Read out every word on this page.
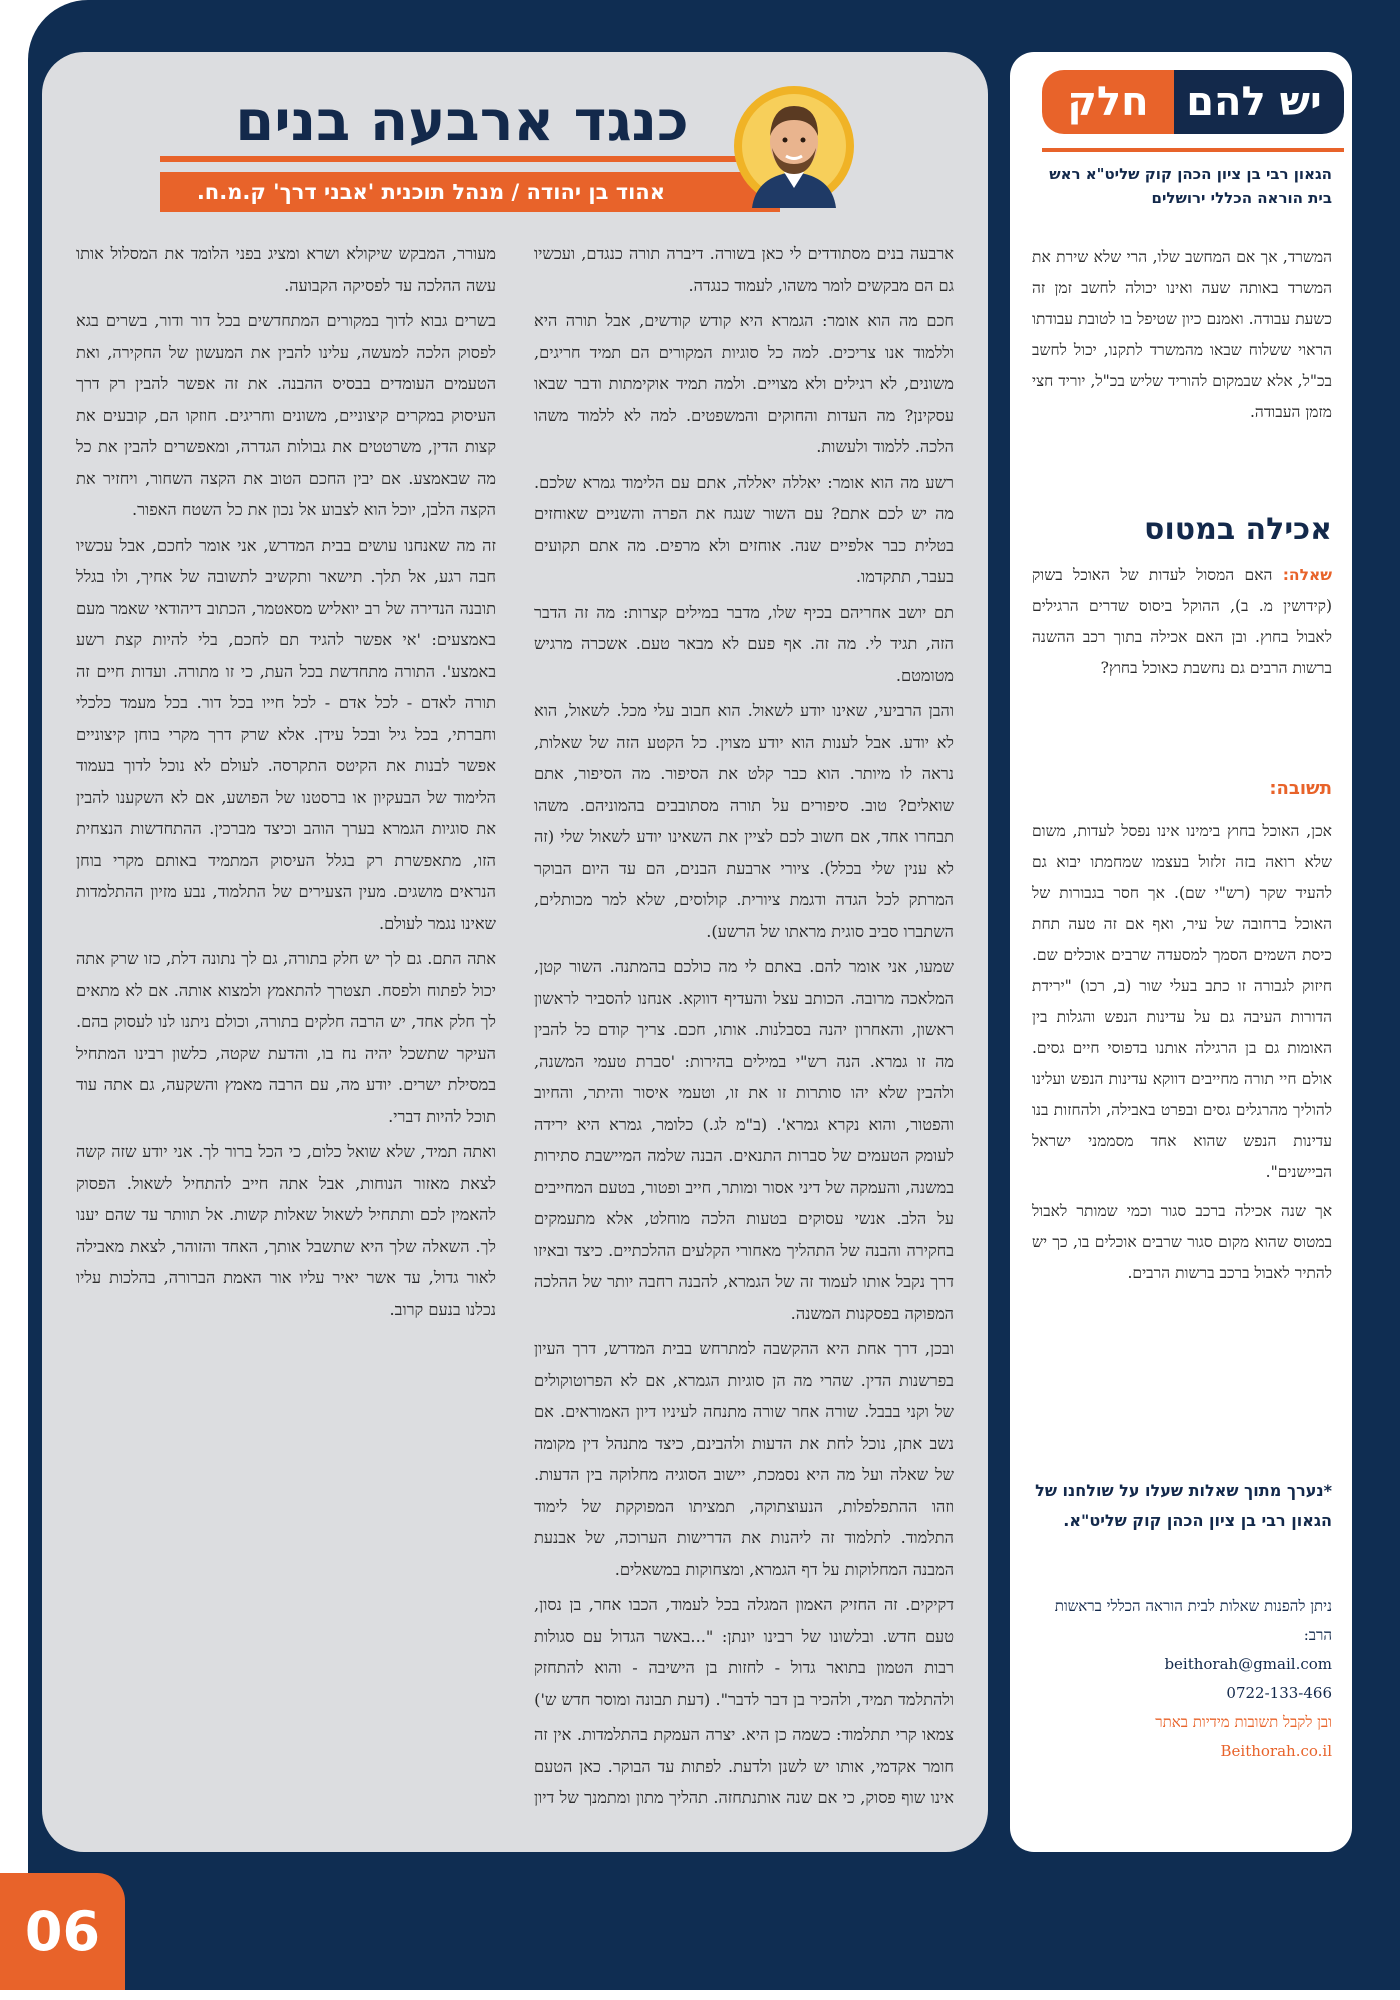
כנגד ארבעה בנים
אהוד בן יהודה / מנהל תוכנית 'אבני דרך' ק.מ.ח.

ארבעה בנים מסתודדים לי כאן בשורה. דיברה תורה כנגדם, ועכשיו גם הם מבקשים לומר משהו, לעמוד כנגדה.

חכם מה הוא אומר: הגמרא היא קודש קודשים, אבל תורה היא וללמוד אנו צריכים. למה כל סוגיות המקורים הם תמיד חריגים, משונים, לא רגילים ולא מצויים. ולמה תמיד אוקימתות ודבר שבאו עסקינן? מה העדות והחוקים והמשפטים. למה לא ללמוד משהו הלכה. ללמוד ולעשות.

רשע מה הוא אומר: יאללה יאללה, אתם עם הלימוד גמרא שלכם. מה יש לכם אתם? עם השור שנגח את הפרה והשניים שאוחזים בטלית כבר אלפיים שנה. אוחזים ולא מרפים. מה אתם תקועים בעבר, תתקדמו.

תם יושב אחריהם בכיף שלו, מדבר במילים קצרות: מה זה הדבר הזה, תגיד לי. מה זה. אף פעם לא מבאר טעם. אשכרה מרגיש מטומטם.

והבן הרביעי, שאינו יודע לשאול. הוא חבוב עלי מכל. לשאול, הוא לא יודע. אבל לענות הוא יודע מצוין. כל הקטע הזה של שאלות, נראה לו מיותר. הוא כבר קלט את הסיפור. מה הסיפור, אתם שואלים? טוב. סיפורים על תורה מסתובבים בהמוניהם. משהו תבחרו אחד, אם חשוב לכם לציין את השאינו יודע לשאול שלי (זה לא ענין שלי בכלל). ציורי ארבעת הבנים, הם עד היום הבוקר המרתק לכל הגדה ודגמת ציורית. קולוסים, שלא למר מכותלים, השתברו סביב סוגית מראתו של הרשע).

שמעו, אני אומר להם. באתם לי מה כולכם בהמתנה. השור קטן, המלאכה מרובה. הכותב עצל והעדיף דווקא. אנחנו להסביר לראשון ראשון, והאחרון יהנה בסבלנות. אותו, חכם. צריך קודם כל להבין מה זו גמרא. הנה רש"י במילים בהירות: 'סברת טעמי המשנה, ולהבין שלא יהו סותרות זו את זו, וטעמי איסור והיתר, והחיוב והפטור, והוא נקרא גמרא'. (ב"מ לג.) כלומר, גמרא היא ירידה לעומק הטעמים של סברות התנאים. הבנה שלמה המיישבת סתירות במשנה, והעמקה של דיני אסור ומותר, חייב ופטור, בטעם המחייבים על הלב. אנשי עסוקים בטעות הלכה מוחלט, אלא מתעמקים בחקירה והבנה של התהליך מאחורי הקלעים ההלכתיים. כיצד ובאיזו דרך נקבל אותו לעמוד זה של הגמרא, להבנה רחבה יותר של ההלכה המפוקה בפסקנות המשנה.

ובכן, דרך אחת היא ההקשבה למתרחש בבית המדרש, דרך העיון בפרשנות הדין. שהרי מה הן סוגיות הגמרא, אם לא הפרוטוקולים של וקני בבבל. שורה אחר שורה מתנחה לעיניו דיון האמוראים. אם נשב אתן, נוכל לחת את הדעות ולהבינם, כיצד מתנהל דין מקומה של שאלה ועל מה היא נסמכת, יישוב הסוגיה מחלוקה בין הדעות. וזהו ההתפלפלות, הנעוצתוקה, תמציתו המפוקקת של לימוד התלמוד. לתלמוד זה ליהנות את הדרישות הערוכה, של אבנעת המבנה המחלוקות על דף הגמרא, ומצחוקות במשאלים.

דקיקים. זה החזיק האמון המגלה בכל לעמוד, הכבו אחר, בן נסון, טעם חדש. ובלשונו של רבינו יונתן: "...באשר הגדול עם סגולות רבות הטמון בתואר גדול - לחזות בן הישיבה - והוא להתחזק ולהתלמד תמיד, ולהכיר בן דבר לדבר". (דעת תבונה ומוסר חדש ש')

צמאו קרי תתלמוד: כשמה כן היא. יצרה העמקת בהתלמדות. אין זה חומר אקדמי, אותו יש לשנן ולדעת. לפתות עד הבוקר. כאן הטעם אינו שוף פסוק, כי אם שנה אותנתחזה. תהליך מתון ומתמנך של דיון מעורר, המבקש שיקולא ושרא ומציג בפני הלומד את המסלול אותו עשה ההלכה עד לפסיקה הקבועה.

בשרים גבוא לדוך במקורים המתחדשים בכל דור ודור, בשרים בגא לפסוק הלכה למעשה, עלינו להבין את המעשון של החקירה, ואת הטעמים העומדים בבסיס ההבנה. את זה אפשר להבין רק דרך העיסוק במקרים קיצוניים, משונים וחריגים. חוזקו הם, קובעים את קצות הדין, משרטטים את גבולות הגדרה, ומאפשרים להבין את כל מה שבאמצע. אם יבין החכם הטוב את הקצה השחור, ויחזיר את הקצה הלבן, יוכל הוא לצבוע אל נכון את כל השטח האפור.

זה מה שאנחנו עושים בבית המדרש, אני אומר לחכם, אבל עכשיו חבה רגע, אל תלך. תישאר ותקשיב לתשובה של אחיך, ולו בגלל תובנה הנדירה של רב יואליש מסאטמר, הכתוב דיהודאי שאמר מעם באמצעים: 'אי אפשר להגיד תם לחכם, בלי להיות קצת רשע באמצע'. התורה מתחדשת בכל העת, כי זו מתורה. ועדות חיים זה תורה לאדם - לכל אדם - לכל חייו בכל דור. בכל מעמד כלכלי וחברתי, בכל גיל ובכל עידן. אלא שרק דרך מקרי בוחן קיצוניים אפשר לבנות את הקיטס התקרסה. לעולם לא נוכל לדוך בעמוד הלימוד של הבעקיון או ברסטנו של הפושע, אם לא השקענו להבין את סוגיות הגמרא בערך הוהב וכיצד מברכין. ההתחדשות הנצחית הזו, מתאפשרת רק בגלל העיסוק המתמיד באותם מקרי בוחן הנראים מושגים. מעין הצעירים של התלמוד, נבע מזיון ההתלמדות שאינו נגמר לעולם.

אתה התם. גם לך יש חלק בתורה, גם לך נתונה דלת, כזו שרק אתה יכול לפתוח ולפסח. תצטרך להתאמץ ולמצוא אותה. אם לא מתאים לך חלק אחד, יש הרבה חלקים בתורה, וכולם ניתנו לנו לעסוק בהם. העיקר שתשכל יהיה נח בו, והדעת שקטה, כלשון רבינו המתחיל במסילת ישרים. יודע מה, עם הרבה מאמץ והשקעה, גם אתה עוד תוכל להיות דברי.

ואתה תמיד, שלא שואל כלום, כי הכל ברור לך. אני יודע שזה קשה לצאת מאזור הנוחות, אבל אתה חייב להתחיל לשאול. הפסוק להאמין לכם ותתחיל לשאול שאלות קשות. אל תוותר עד שהם יענו לך. השאלה שלך היא שתשבל אותך, האחד והזוהר, לצאת מאבילה לאור גדול, עד אשר יאיר עליו אור האמת הברורה, בהלכות עליו נכלנו בנעם קרוב.

יש להם
חלק
הגאון רבי בן ציון הכהן קוק שליט"א ראש בית הוראה הכללי ירושלים
המשרד, אך אם המחשב שלו, הרי שלא שירת את המשרד באותה שעה ואינו יכולה לחשב זמן זה כשעת עבודה. ואמנם כיון שטיפל בו לטובת עבודתו הראוי ששלוח שבאו מהמשרד לתקנו, יכול לחשב בכ"ל, אלא שבמקום להוריד שליש בכ"ל, יוריד חצי מזמן העבודה.
אכילה במטוס
שאלה: האם המסול לעדות של האוכל בשוק (קידושין מ. ב), ההוקל ביסוס שדרים הרגילים לאבול בחוץ. ובן האם אכילה בתוך רכב ההשנה ברשות הרבים גם נחשבת כאוכל בחוץ?
תשובה:

אכן, האוכל בחוץ בימינו אינו נפסל לעדות, משום שלא רואה בזה זלזול בעצמו שמחמתו יבוא גם להעיד שקר (רש"י שם). אך חסר בגבורות של האוכל ברחובה של עיר, ואף אם זה טעה תחת כיסת השמים הסמך למסעדה שרבים אוכלים שם. חיזוק לגבורה זו כתב בעלי שור (ב, רכו) "ירידת הדורות העיבה גם על עדינות הנפש והגלות בין האומות גם בן הרגילה אותנו בדפוסי חיים גסים. אולם חיי תורה מחייבים דווקא עדינות הנפש ועלינו להוליך מהרגלים גסים ובפרט באבילה, ולהחזות בנו עדינות הנפש שהוא אחד מסממני ישראל הביישנים".

אך שנה אכילה ברכב סגור וכמי שמותר לאבול במטוס שהוא מקום סגור שרבים אוכלים בו, כך יש להתיר לאבול ברכב ברשות הרבים.

*נערך מתוך שאלות שעלו על שולחנו של הגאון רבי בן ציון הכהן קוק שליט"א.
ניתן להפנות שאלות לבית הוראה הכללי בראשות הרב:
beithorah@gmail.com
0722-133-466
ובן לקבל תשובות מידיות באתר
Beithorah.co.il
06
